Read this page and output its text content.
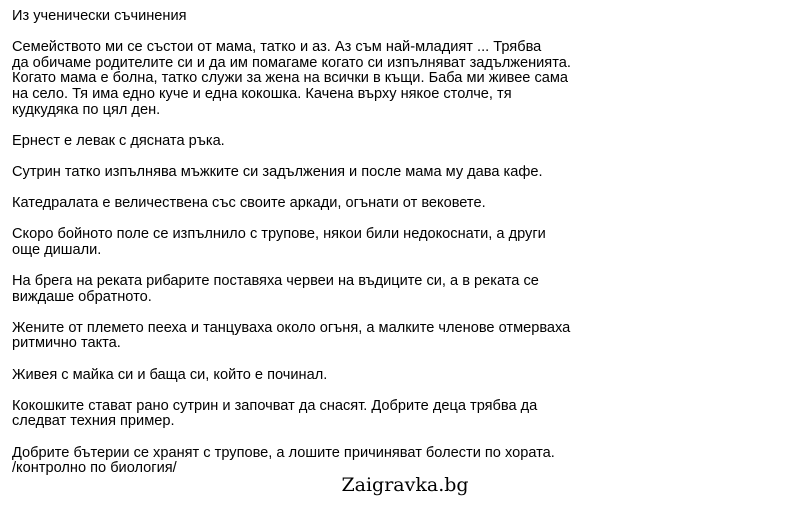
Из ученически съчинения

Семейството ми се състои от мама, татко и аз. Аз съм най-младият ... Трябва
да обичаме родителите си и да им помагаме когато си изпълняват задълженията.
Когато мама е болна, татко служи за жена на всички в къщи. Баба ми живее сама
на село. Тя има едно куче и една кокошка. Качена върху някое столче, тя
кудкудяка по цял ден.

Ернест е левак с дясната ръка.

Сутрин татко изпълнява мъжките си задължения и после мама му дава кафе.

Катедралата е величествена със своите аркади, огънати от вековете.

Скоро бойното поле се изпълнило с трупове, някои били недокоснати, а други
още дишали.

На брега на реката рибарите поставяха червеи на въдиците си, а в реката се
виждаше обратното.

Жените от племето пееха и танцуваха около огъня, а малките членове отмерваха
ритмично такта.

Живея с майка си и баща си, който е починал.

Кокошките стават рано сутрин и започват да снасят. Добрите деца трябва да
следват техния пример.

Добрите бътерии се хранят с трупове, а лошите причиняват болести по хората.
/контролно по биология/

Zaigravka.bg
